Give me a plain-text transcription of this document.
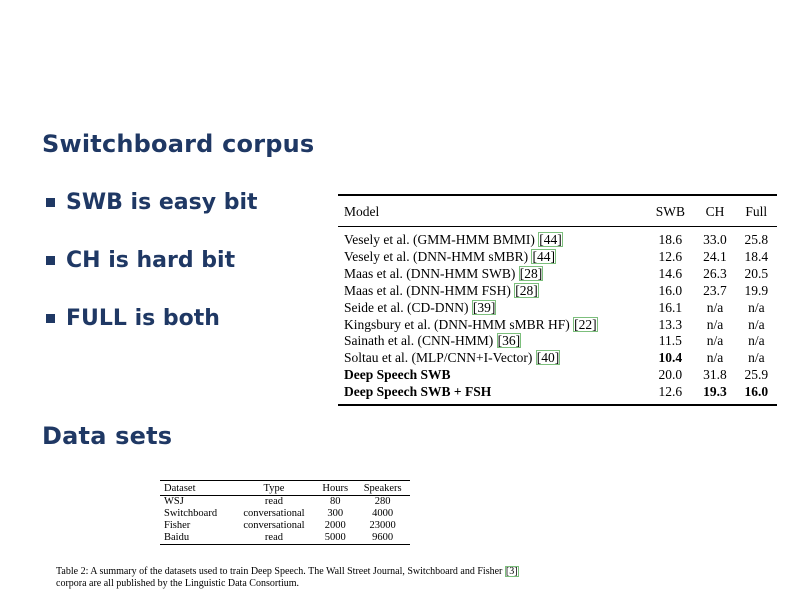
Switchboard corpus
SWB is easy bit
CH is hard bit
FULL is both
Model	SWB	CH	Full
Vesely et al. (GMM-HMM BMMI) [44]	18.6	33.0	25.8
Vesely et al. (DNN-HMM sMBR) [44]	12.6	24.1	18.4
Maas et al. (DNN-HMM SWB) [28]	14.6	26.3	20.5
Maas et al. (DNN-HMM FSH) [28]	16.0	23.7	19.9
Seide et al. (CD-DNN) [39]	16.1	n/a	n/a
Kingsbury et al. (DNN-HMM sMBR HF) [22]	13.3	n/a	n/a
Sainath et al. (CNN-HMM) [36]	11.5	n/a	n/a
Soltau et al. (MLP/CNN+I-Vector) [40]	10.4	n/a	n/a
Deep Speech SWB	20.0	31.8	25.9
Deep Speech SWB + FSH	12.6	19.3	16.0
Data sets
Dataset	Type	Hours	Speakers
WSJ	read	80	280
Switchboard	conversational	300	4000
Fisher	conversational	2000	23000
Baidu	read	5000	9600
Table 2: A summary of the datasets used to train Deep Speech. The Wall Street Journal, Switchboard and Fisher [3] corpora are all published by the Linguistic Data Consortium.
